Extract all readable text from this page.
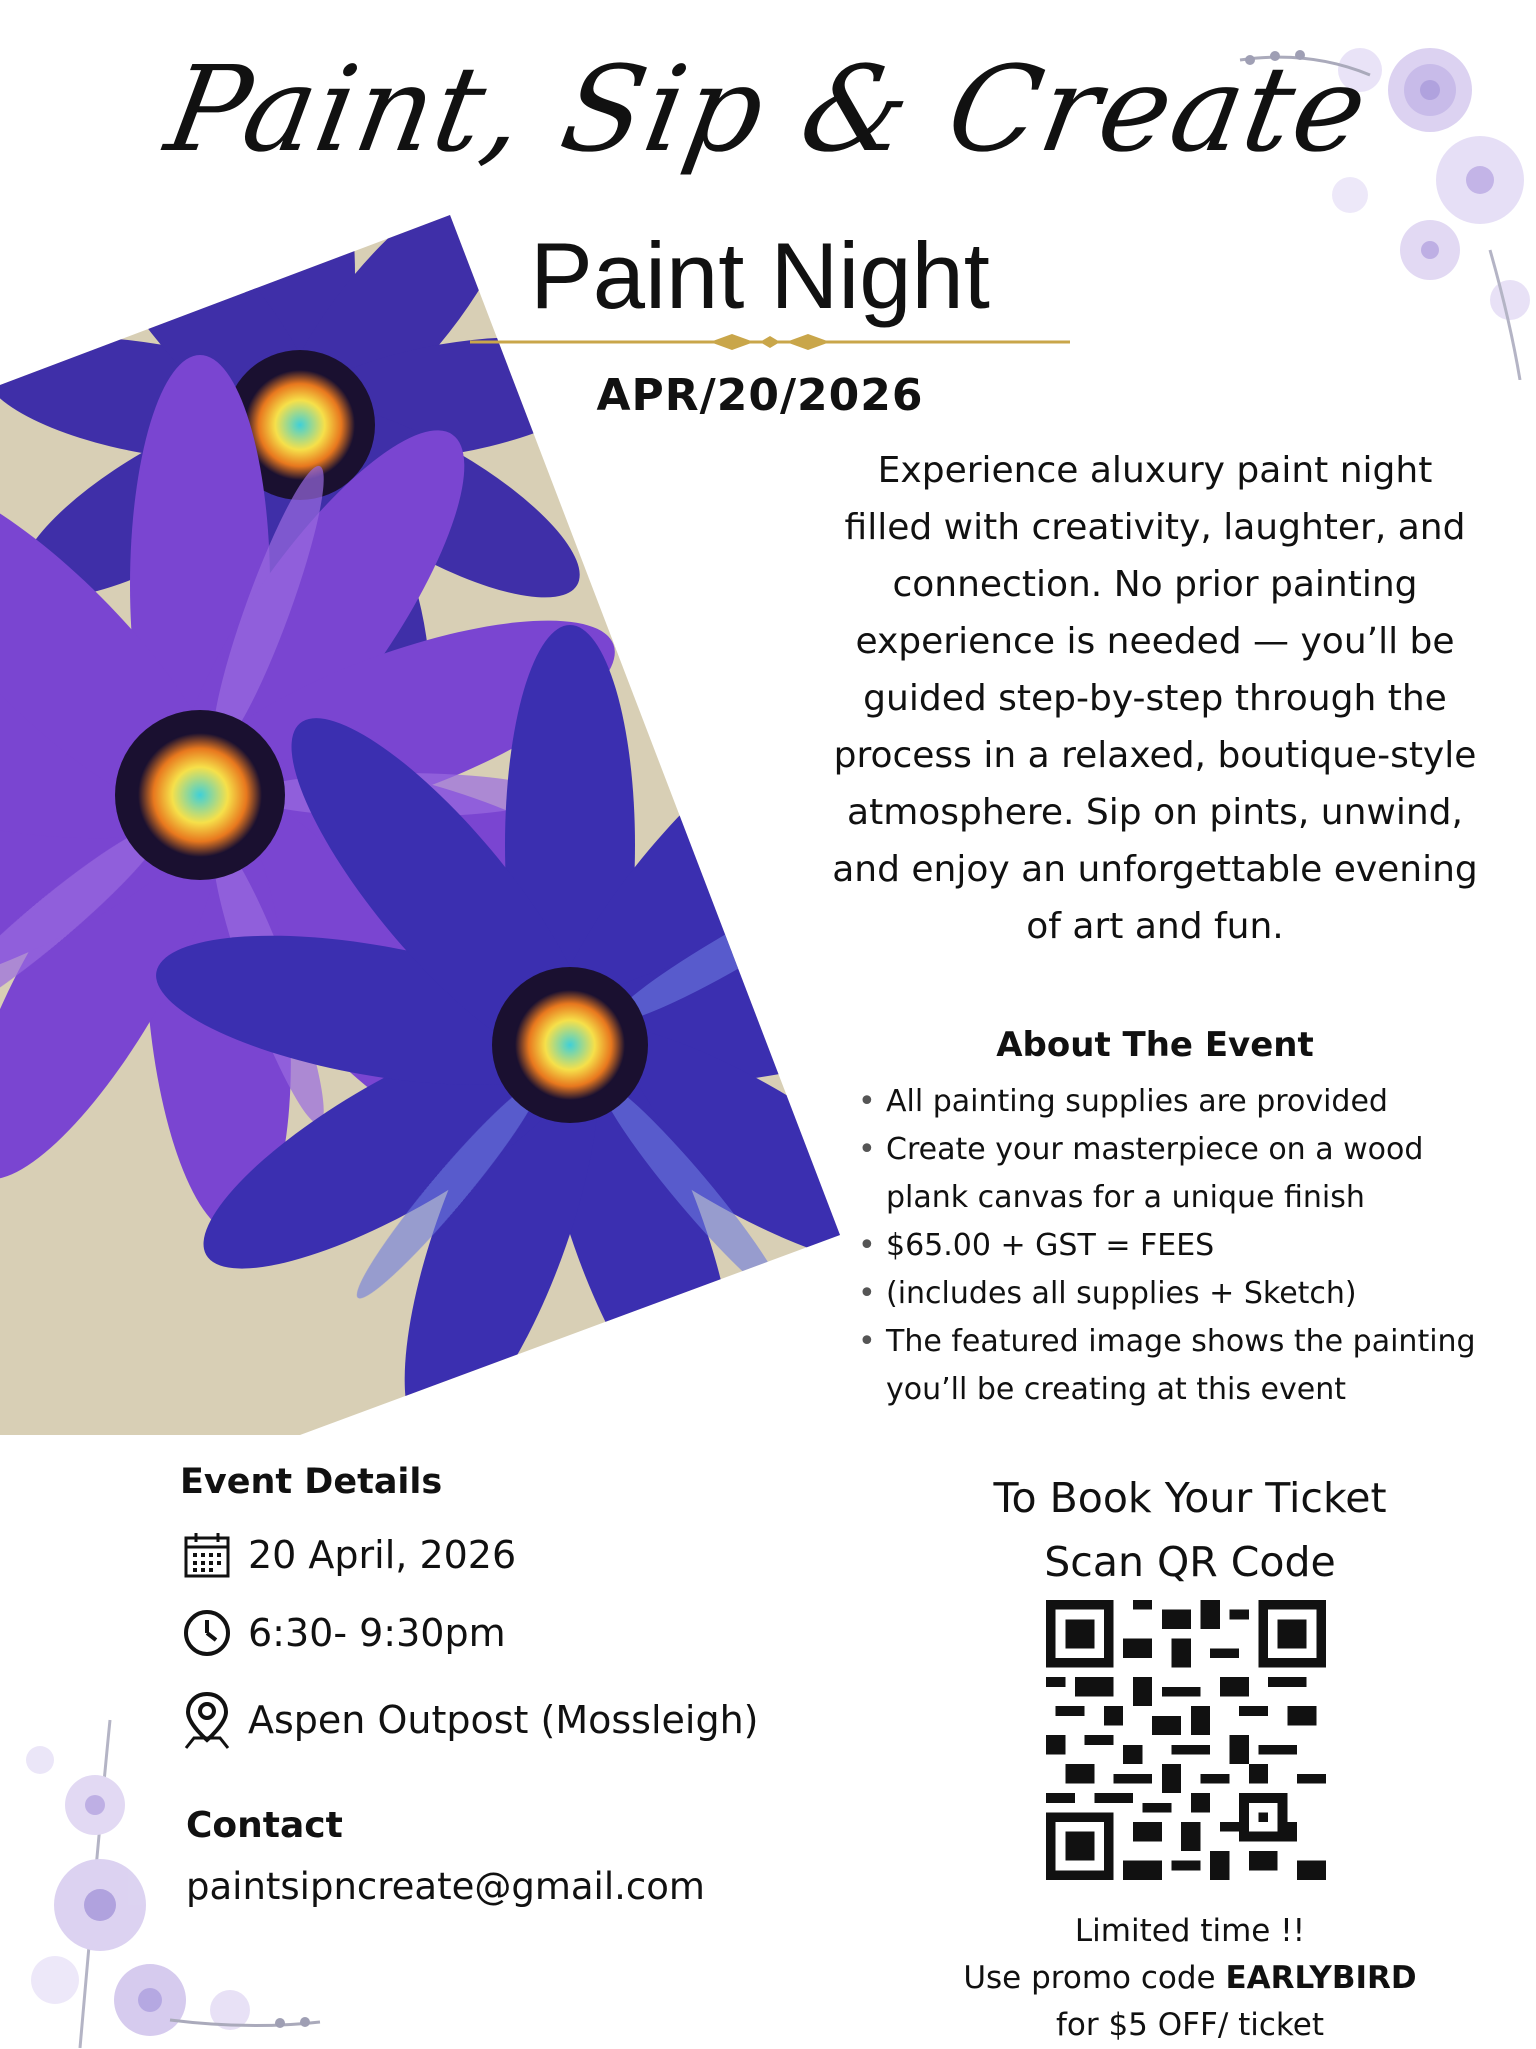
Paint, Sip & Create
Paint Night
APR/20/2026
Experience aluxury paint night filled with creativity, laughter, and connection. No prior painting experience is needed — you’ll be guided step-by-step through the process in a relaxed, boutique-style atmosphere. Sip on pints, unwind, and enjoy an unforgettable evening of art and fun.
About The Event
• All painting supplies are provided
• Create your masterpiece on a wood plank canvas for a unique finish
• $65.00 + GST = FEES
• (includes all supplies + Sketch)
• The featured image shows the painting you’ll be creating at this event
Event Details
20 April, 2026
6:30- 9:30pm
Aspen Outpost (Mossleigh)
Contact
paintsipncreate@gmail.com
To Book Your Ticket
Scan QR Code
Limited time !!
Use promo code EARLYBIRD
for $5 OFF/ ticket
